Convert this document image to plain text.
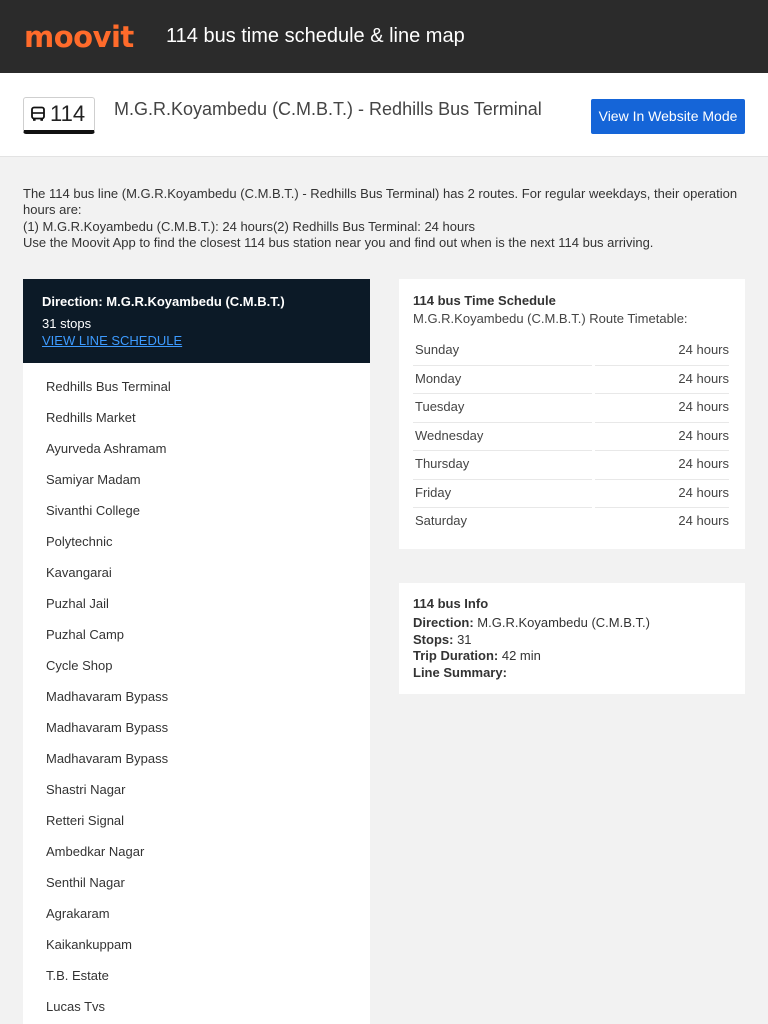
moovit 114 bus time schedule & line map
114 M.G.R.Koyambedu (C.M.B.T.) - Redhills Bus Terminal	View In Website Mode

The 114 bus line (M.G.R.Koyambedu (C.M.B.T.) - Redhills Bus Terminal) has 2 routes. For regular weekdays, their operation hours are:

(1) M.G.R.Koyambedu (C.M.B.T.): 24 hours(2) Redhills Bus Terminal: 24 hours

Use the Moovit App to find the closest 114 bus station near you and find out when is the next 114 bus arriving.

Direction: M.G.R.Koyambedu (C.M.B.T.)
31 stops
VIEW LINE SCHEDULE
Redhills Bus Terminal
Redhills Market
Ayurveda Ashramam
Samiyar Madam
Sivanthi College
Polytechnic
Kavangarai
Puzhal Jail
Puzhal Camp
Cycle Shop
Madhavaram Bypass
Madhavaram Bypass
Madhavaram Bypass
Shastri Nagar
Retteri Signal
Ambedkar Nagar
Senthil Nagar
Agrakaram
Kaikankuppam
T.B. Estate
Lucas Tvs
114 bus Time Schedule
M.G.R.Koyambedu (C.M.B.T.) Route Timetable:
Sunday	24 hours
Monday	24 hours
Tuesday	24 hours
Wednesday	24 hours
Thursday	24 hours
Friday	24 hours
Saturday	24 hours
114 bus Info
Direction: M.G.R.Koyambedu (C.M.B.T.)
Stops: 31
Trip Duration: 42 min
Line Summary:
